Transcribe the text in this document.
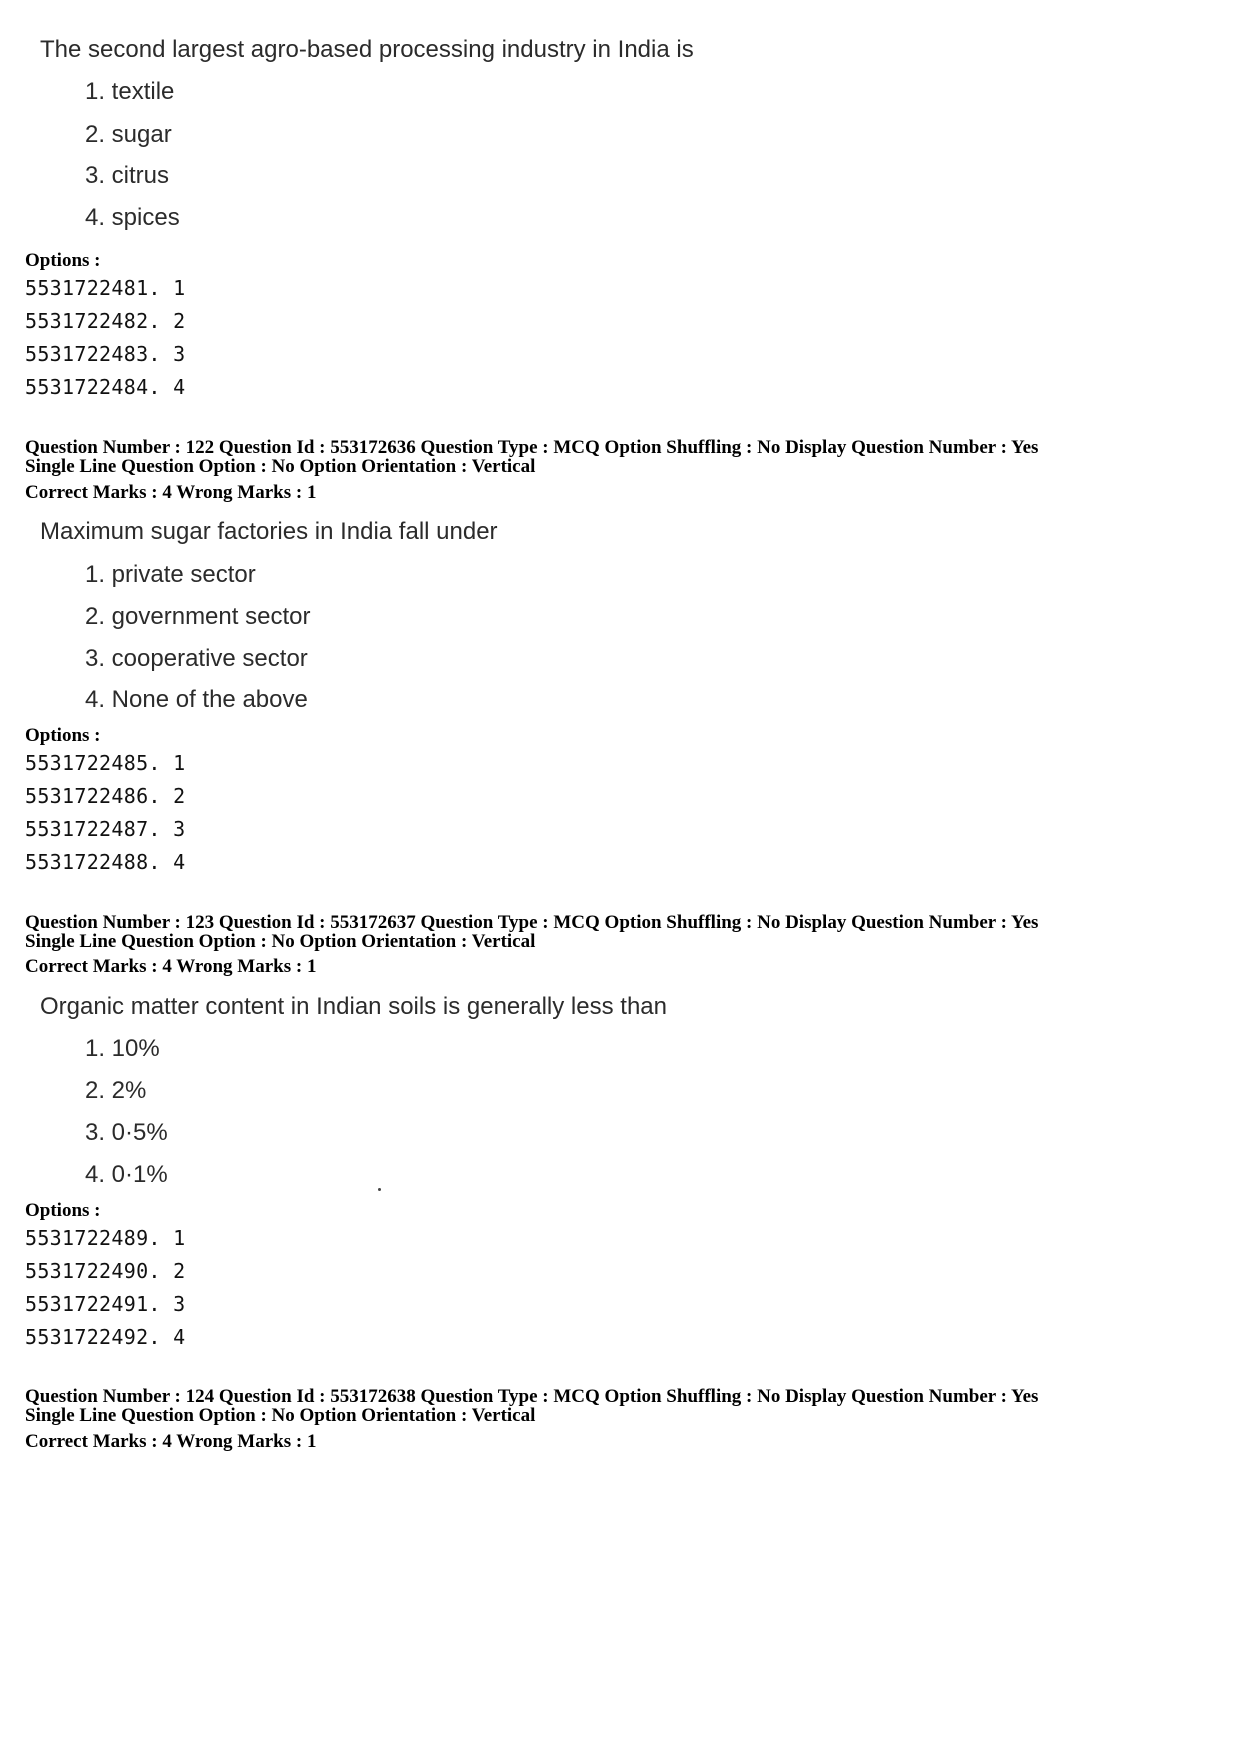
The second largest agro-based processing industry in India is
1. textile
2. sugar
3. citrus
4. spices
Options :
5531722481. 1
5531722482. 2
5531722483. 3
5531722484. 4
Question Number : 122 Question Id : 553172636 Question Type : MCQ Option Shuffling : No Display Question Number : Yes
Single Line Question Option : No Option Orientation : Vertical
Correct Marks : 4 Wrong Marks : 1
Maximum sugar factories in India fall under
1. private sector
2. government sector
3. cooperative sector
4. None of the above
Options :
5531722485. 1
5531722486. 2
5531722487. 3
5531722488. 4
Question Number : 123 Question Id : 553172637 Question Type : MCQ Option Shuffling : No Display Question Number : Yes
Single Line Question Option : No Option Orientation : Vertical
Correct Marks : 4 Wrong Marks : 1
Organic matter content in Indian soils is generally less than
1. 10%
2. 2%
3. 0·5%
4. 0·1%
Options :
5531722489. 1
5531722490. 2
5531722491. 3
5531722492. 4
Question Number : 124 Question Id : 553172638 Question Type : MCQ Option Shuffling : No Display Question Number : Yes
Single Line Question Option : No Option Orientation : Vertical
Correct Marks : 4 Wrong Marks : 1
